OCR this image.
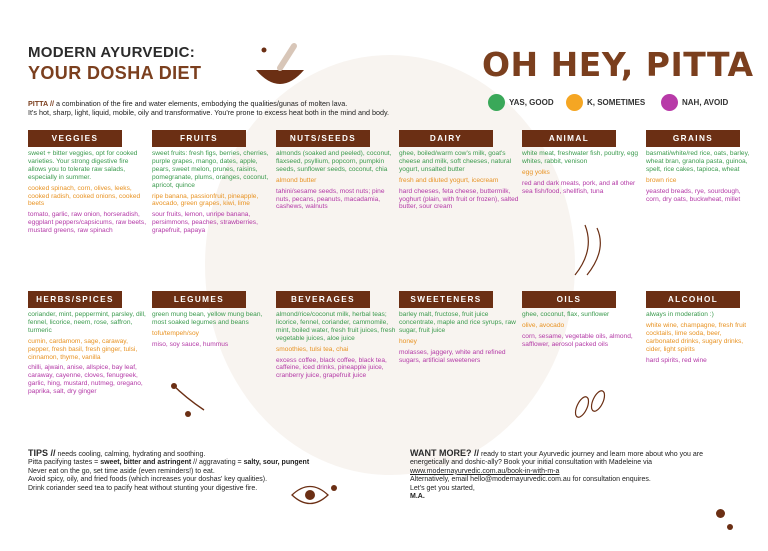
MODERN AYURVEDIC:
YOUR DOSHA DIET	OH HEY, PITTA
PITTA // a combination of the fire and water elements, embodying the qualities/gunas of molten lava.
It's hot, sharp, light, liquid, mobile, oily and transformative. You're prone to excess heat both in the mind and body.
YAS, GOOD	K, SOMETIMES	NAH, AVOID
VEGGIES

sweet + bitter veggies, opt for cooked varieties. Your strong digestive fire allows you to tolerate raw salads, especially in summer.

cooked spinach, corn, olives, leeks, cooked radish, cooked onions, cooked beets

tomato, garlic, raw onion, horseradish, eggplant peppers/capsicums, raw beets, mustard greens, raw spinach

FRUITS

sweet fruits: fresh figs, berries, cherries, purple grapes, mango, dates, apple, pears, sweet melon, prunes, raisins, pomegranate, plums, oranges, coconut, apricot, quince

ripe banana, passionfruit, pineapple, avocado, green grapes, kiwi, lime

sour fruits, lemon, unripe banana, persimmons, peaches, strawberries, grapefruit, papaya

NUTS/SEEDS

almonds (soaked and peeled), coconut, flaxseed, psyllium, popcorn, pumpkin seeds, sunflower seeds, coconut, chia

almond butter

tahini/sesame seeds, most nuts; pine nuts, pecans, peanuts, macadamia, cashews, walnuts

DAIRY

ghee, boiled/warm cow's milk, goat's cheese and milk, soft cheeses, natural yogurt, unsalted butter

fresh and diluted yogurt, icecream

hard cheeses, feta cheese, buttermilk, yoghurt (plain, with fruit or frozen), salted butter, sour cream

ANIMAL

white meat, freshwater fish, poultry, egg whites, rabbit, venison

egg yolks

red and dark meats, pork, and all other sea fish/food, shellfish, tuna

GRAINS

basmati/white/red rice, oats, barley, wheat bran, granola pasta, guinoa, spelt, rice cakes, tapioca, wheat

brown rice

yeasted breads, rye, sourdough, corn, dry oats, buckwheat, millet

HERBS/SPICES

coriander, mint, peppermint, parsley, dill, fennel, licorice, neem, rose, saffron, turmeric

cumin, cardamom, sage, caraway, pepper, fresh basil, fresh ginger, tulsi, cinnamon, thyme, vanilla

chilli, ajwain, anise, allspice, bay leaf, caraway, cayenne, cloves, fenugreek, garlic, hing, mustard, nutmeg, oregano, paprika, salt, dry ginger

LEGUMES

green mung bean, yellow mung bean, most soaked legumes and beans

tofu/tempeh/soy

miso, soy sauce, hummus

BEVERAGES

almond/rice/coconut milk, herbal teas; licorice, fennel, coriander, cammomile, mint, boiled water, fresh fruit juices, fresh vegetable juices, aloe juice

smoothies, tulsi tea, chai

excess coffee, black coffee, black tea, caffeine, iced drinks, pineapple juice, cranberry juice, grapefruit juice

SWEETENERS

barley malt, fructose, fruit juice concentrate, maple and rice syrups, raw sugar, fruit juice

honey

molasses, jaggery, white and refined sugars, artificial sweeteners

OILS

ghee, coconut, flax, sunflower

olive, avocado

corn, sesame, vegetable oils, almond, safflower, aerosol packed oils

ALCOHOL

always in moderation :)

white wine, champagne, fresh fruit cocktails, lime soda, beer, carbonated drinks, sugary drinks, cider, light spirits

hard spirits, red wine

TIPS // needs cooling, calming, hydrating and soothing.
Pitta pacifying tastes = sweet, bitter and astringent // aggravating = salty, sour, pungent
Never eat on the go, set time aside (even reminders!) to eat.
Avoid spicy, oily, and fried foods (which increases your doshas' key qualities).
Drink coriander seed tea to pacify heat without stunting your digestive fire.
WANT MORE? // ready to start your Ayurvedic journey and learn more about who you are
energetically and doshic-ally? Book your initial consultation with Madeleine via
www.modernayurvedic.com.au/book-in-with-m-a
Alternatively, email hello@modernayurvedic.com.au for consultation enquires.
Let's get you started,
M.A.
